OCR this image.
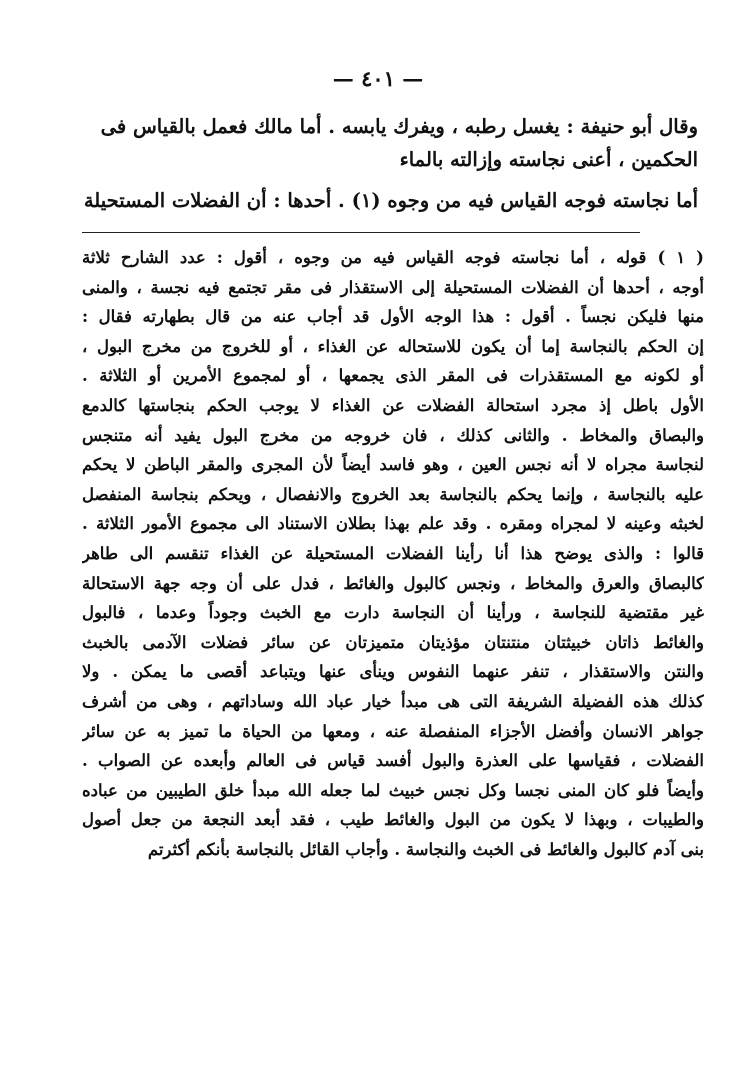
— ٤٠١ —
وقال أبو حنيفة : يغسل رطبه ، ويفرك يابسه . أما مالك فعمل بالقياس فى
الحكمين ، أعنى نجاسته وإزالته بالماء
أما نجاسته فوجه القياس فيه من وجوه (١) . أحدها : أن الفضلات المستحيلة
( ١ ) قوله ، أما نجاسته فوجه القياس فيه من وجوه ، أقول : عدد الشارح ثلاثة
أوجه ، أحدها أن الفضلات المستحيلة إلى الاستقذار فى مقر تجتمع فيه نجسة ، والمنى
منها فليكن نجساً . أقول : هذا الوجه الأول قد أجاب عنه من قال بطهارته فقال :
إن الحكم بالنجاسة إما أن يكون للاستحاله عن الغذاء ، أو للخروج من مخرج البول ،
أو لكونه مع المستقذرات فى المقر الذى يجمعها ، أو لمجموع الأمرين أو الثلاثة .
الأول باطل إذ مجرد استحالة الفضلات عن الغذاء لا يوجب الحكم بنجاستها كالدمع
والبصاق والمخاط . والثانى كذلك ، فان خروجه من مخرج البول يفيد أنه متنجس
لنجاسة مجراه لا أنه نجس العين ، وهو فاسد أيضاً لأن المجرى والمقر الباطن لا يحكم
عليه بالنجاسة ، وإنما يحكم بالنجاسة بعد الخروج والانفصال ، ويحكم بنجاسة المنفصل
لخبثه وعينه لا لمجراه ومقره . وقد علم بهذا بطلان الاستناد الى مجموع الأمور الثلاثة .
قالوا : والذى يوضح هذا أنا رأينا الفضلات المستحيلة عن الغذاء تنقسم الى طاهر
كالبصاق والعرق والمخاط ، ونجس كالبول والغائط ، فدل على أن وجه جهة الاستحالة
غير مقتضية للنجاسة ، ورأينا أن النجاسة دارت مع الخبث وجوداً وعدما ، فالبول
والغائط ذاتان خبيثتان منتنتان مؤذيتان متميزتان عن سائر فضلات الآدمى بالخبث
والنتن والاستقذار ، تنفر عنهما النفوس وينأى عنها ويتباعد أقصى ما يمكن . ولا
كذلك هذه الفضيلة الشريفة التى هى مبدأ خيار عباد الله وساداتهم ، وهى من أشرف
جواهر الانسان وأفضل الأجزاء المنفصلة عنه ، ومعها من الحياة ما تميز به عن سائر
الفضلات ، فقياسها على العذرة والبول أفسد قياس فى العالم وأبعده عن الصواب .
وأيضاً فلو كان المنى نجسا وكل نجس خبيث لما جعله الله مبدأ خلق الطيبين من عباده
والطيبات ، وبهذا لا يكون من البول والغائط طيب ، فقد أبعد النجعة من جعل أصول
بنى آدم كالبول والغائط فى الخبث والنجاسة . وأجاب القائل بالنجاسة بأنكم أكثرتم
